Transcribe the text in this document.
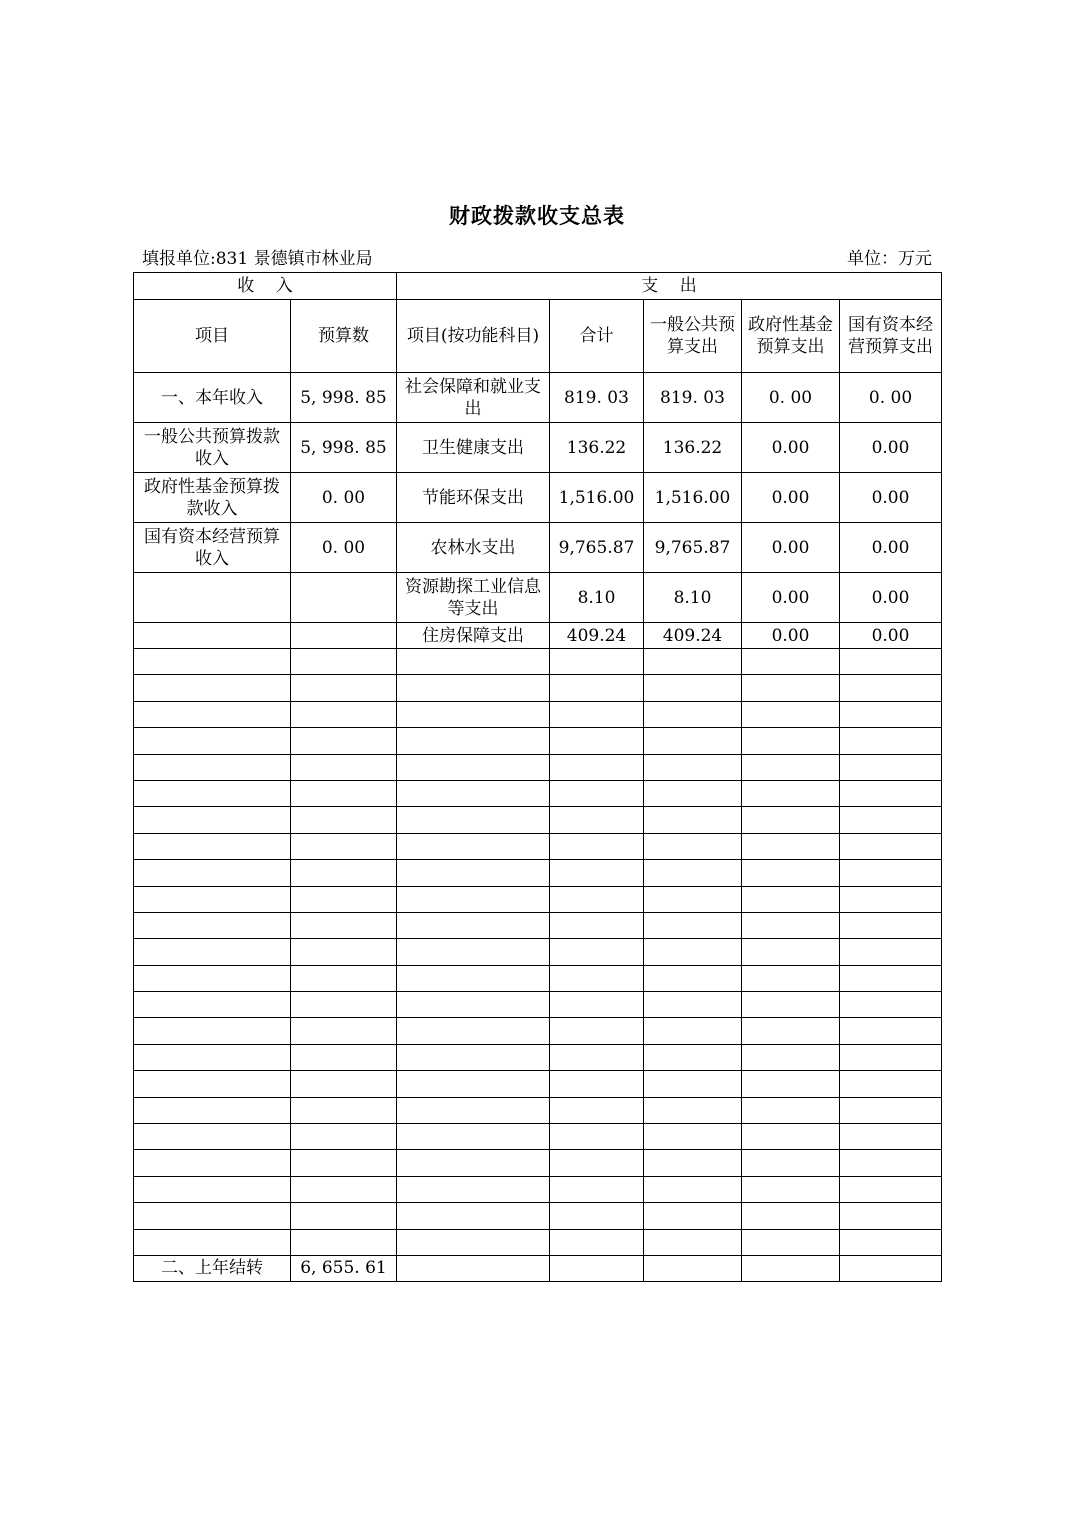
财政拨款收支总表
填报单位:831 景德镇市林业局	单位：万元
收    入		支    出				
项目	预算数	项目(按功能科目)	合计	一般公共预算支出	政府性基金预算支出	国有资本经营预算支出
一、本年收入	5, 998. 85	社会保障和就业支出	819. 03	819. 03	0. 00	0. 00
一般公共预算拨款收入	5, 998. 85	卫生健康支出	136.22	136.22	0.00	0.00
政府性基金预算拨款收入	0. 00	节能环保支出	1,516.00	1,516.00	0.00	0.00
国有资本经营预算收入	0. 00	农林水支出	9,765.87	9,765.87	0.00	0.00
		资源勘探工业信息等支出	8.10	8.10	0.00	0.00
		住房保障支出	409.24	409.24	0.00	0.00

二、上年结转	6, 655. 61					
